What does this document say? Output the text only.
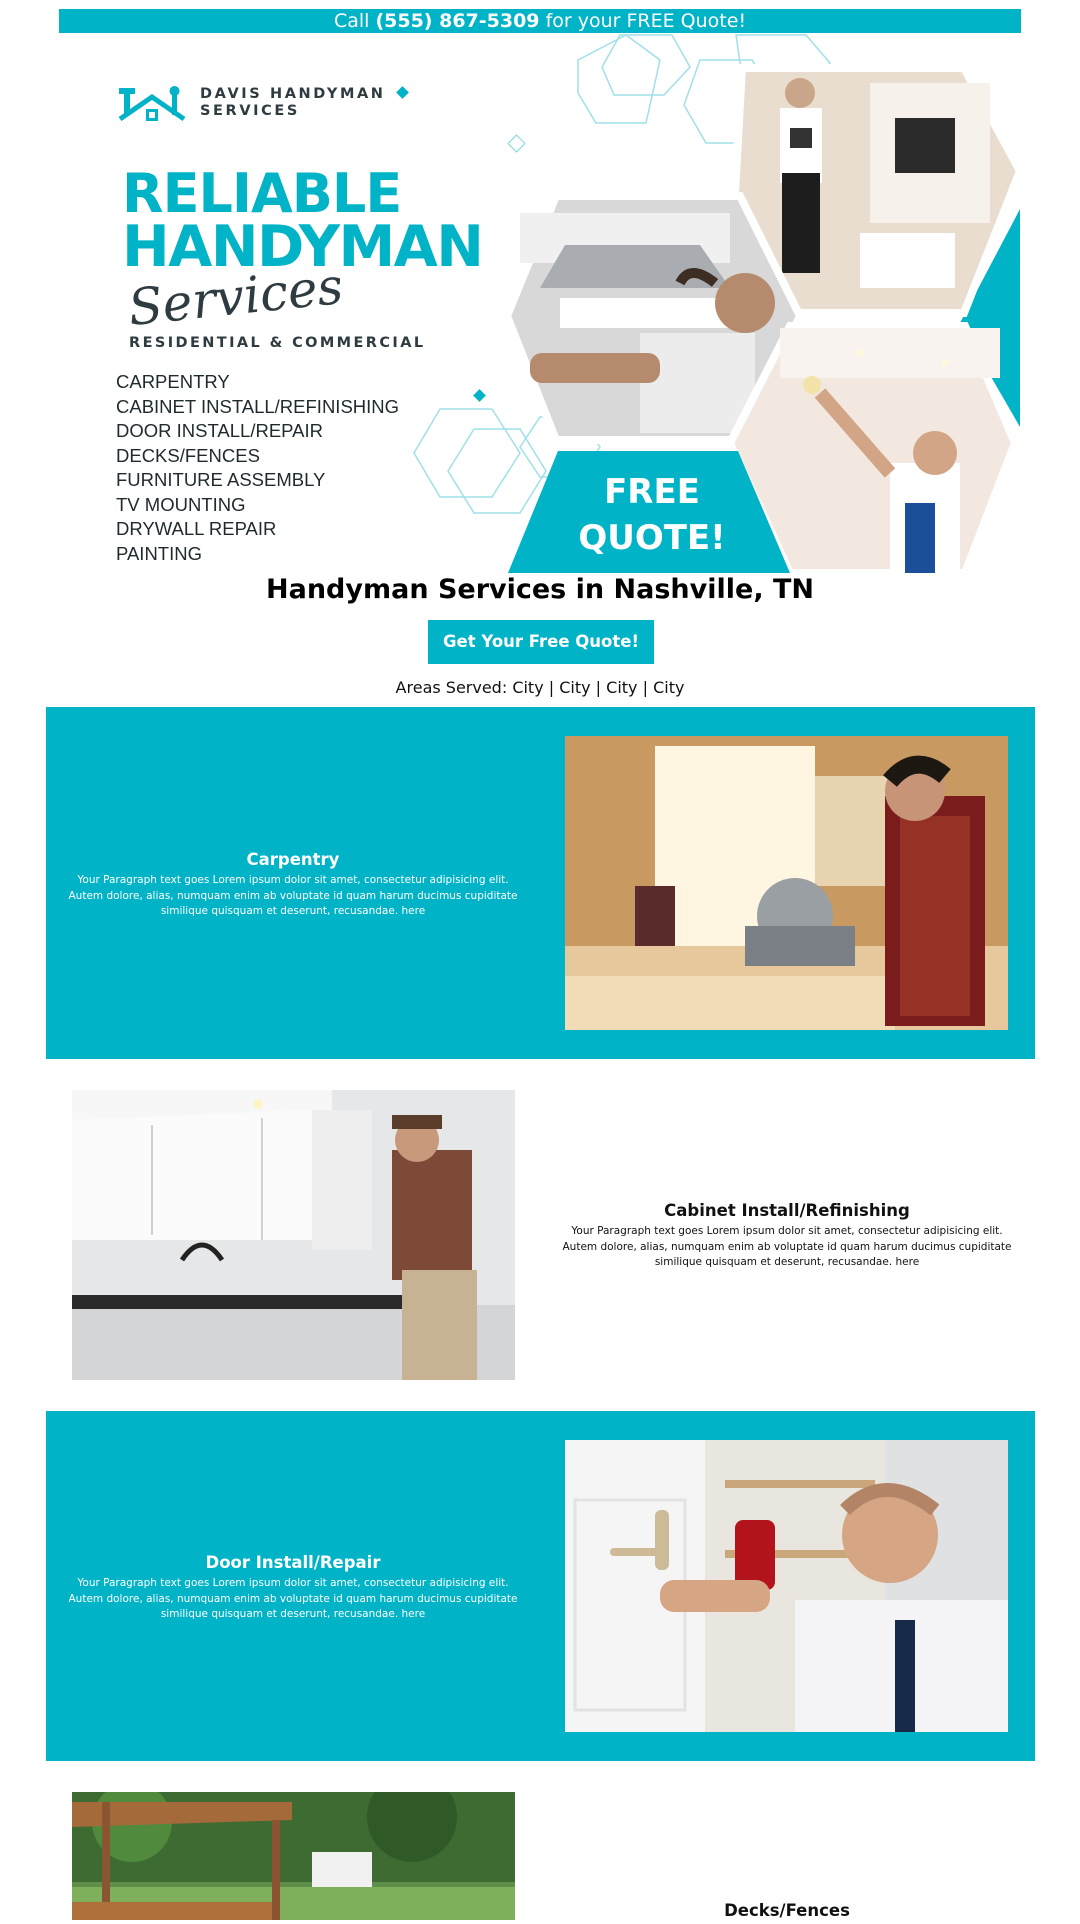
Call (555) 867-5309 for your FREE Quote!
DAVIS HANDYMAN
SERVICES
RELIABLE
HANDYMAN
Services
RESIDENTIAL & COMMERCIAL
CARPENTRY
CABINET INSTALL/REFINISHING
DOOR INSTALL/REPAIR
DECKS/FENCES
FURNITURE ASSEMBLY
TV MOUNTING
DRYWALL REPAIR
PAINTING
FREE
QUOTE!
Handyman Services in Nashville, TN
Get Your Free Quote!
Areas Served: City | City | City | City
Carpentry

Your Paragraph text goes Lorem ipsum dolor sit amet, consectetur adipisicing elit. Autem dolore, alias, numquam enim ab voluptate id quam harum ducimus cupiditate similique quisquam et deserunt, recusandae. here

Cabinet Install/Refinishing

Your Paragraph text goes Lorem ipsum dolor sit amet, consectetur adipisicing elit. Autem dolore, alias, numquam enim ab voluptate id quam harum ducimus cupiditate similique quisquam et deserunt, recusandae. here

Door Install/Repair

Your Paragraph text goes Lorem ipsum dolor sit amet, consectetur adipisicing elit. Autem dolore, alias, numquam enim ab voluptate id quam harum ducimus cupiditate similique quisquam et deserunt, recusandae. here

Decks/Fences
